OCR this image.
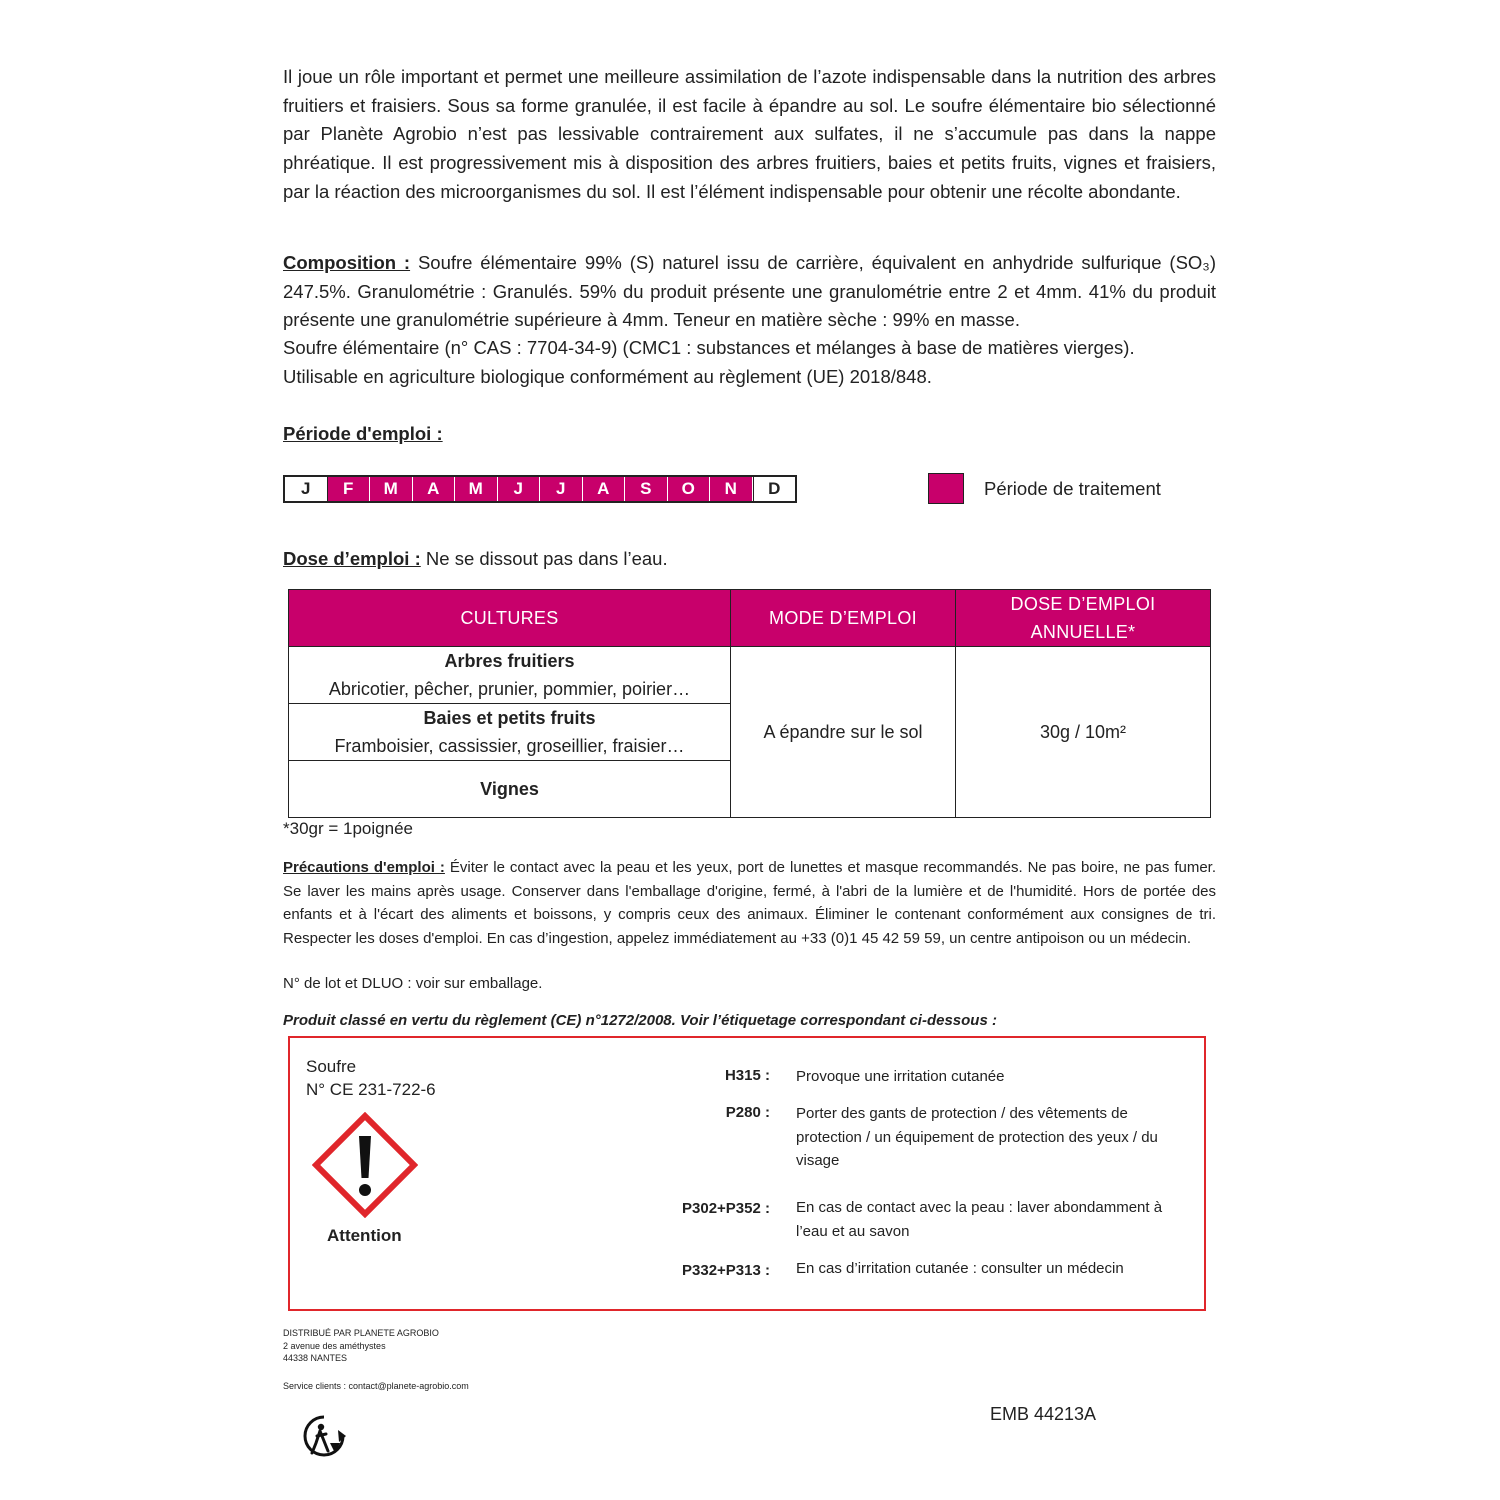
Il joue un rôle important et permet une meilleure assimilation de l’azote indispensable dans la nutrition des arbres fruitiers et fraisiers. Sous sa forme granulée, il est facile à épandre au sol. Le soufre élémentaire bio sélectionné par Planète Agrobio n’est pas lessivable contrairement aux sulfates, il ne s’accumule pas dans la nappe phréatique. Il est progressivement mis à disposition des arbres fruitiers, baies et petits fruits, vignes et fraisiers, par la réaction des microorganismes du sol. Il est l’élément indispensable pour obtenir une récolte abondante.

Composition : Soufre élémentaire 99% (S) naturel issu de carrière, équivalent en anhydride sulfurique (SO₃) 247.5%. Granulométrie : Granulés. 59% du produit présente une granulométrie entre 2 et 4mm. 41% du produit présente une granulométrie supérieure à 4mm. Teneur en matière sèche : 99% en masse.

Soufre élémentaire (n° CAS : 7704-34-9) (CMC1 : substances et mélanges à base de matières vierges).
Utilisable en agriculture biologique conformément au règlement (UE) 2018/848.
Période d'emploi :
J	F	M	A	M	J	J	A	S	O	N	D	Période de traitement
Dose d’emploi : Ne se dissout pas dans l’eau.
CULTURES	MODE D’EMPLOI	DOSE D’EMPLOI ANNUELLE*

Arbres fruitiers
Abricotier, pêcher, prunier, pommier, poirier…	A épandre sur le sol	30g / 10m²

Baies et petits fruits
Framboisier, cassissier, groseillier, fraisier…		

Vignes		
*30gr = 1poignée

Précautions d'emploi : Éviter le contact avec la peau et les yeux, port de lunettes et masque recommandés. Ne pas boire, ne pas fumer. Se laver les mains après usage. Conserver dans l'emballage d'origine, fermé, à l'abri de la lumière et de l'humidité. Hors de portée des enfants et à l'écart des aliments et boissons, y compris ceux des animaux. Éliminer le contenant conformément aux consignes de tri. Respecter les doses d'emploi. En cas d’ingestion, appelez immédiatement au +33 (0)1 45 42 59 59, un centre antipoison ou un médecin.

N° de lot et DLUO : voir sur emballage.
Produit classé en vertu du règlement (CE) n°1272/2008. Voir l’étiquetage correspondant ci-dessous :
Soufre
N° CE 231-722-6
Attention
H315 : Provoque une irritation cutanée
P280 : Porter des gants de protection / des vêtements de protection / un équipement de protection des yeux / du visage
P302+P352 : En cas de contact avec la peau : laver abondamment à l’eau et au savon
P332+P313 : En cas d’irritation cutanée : consulter un médecin
DISTRIBUÉ PAR PLANETE AGROBIO
2 avenue des améthystes
44338 NANTES
Service clients : contact@planete-agrobio.com
EMB 44213A
